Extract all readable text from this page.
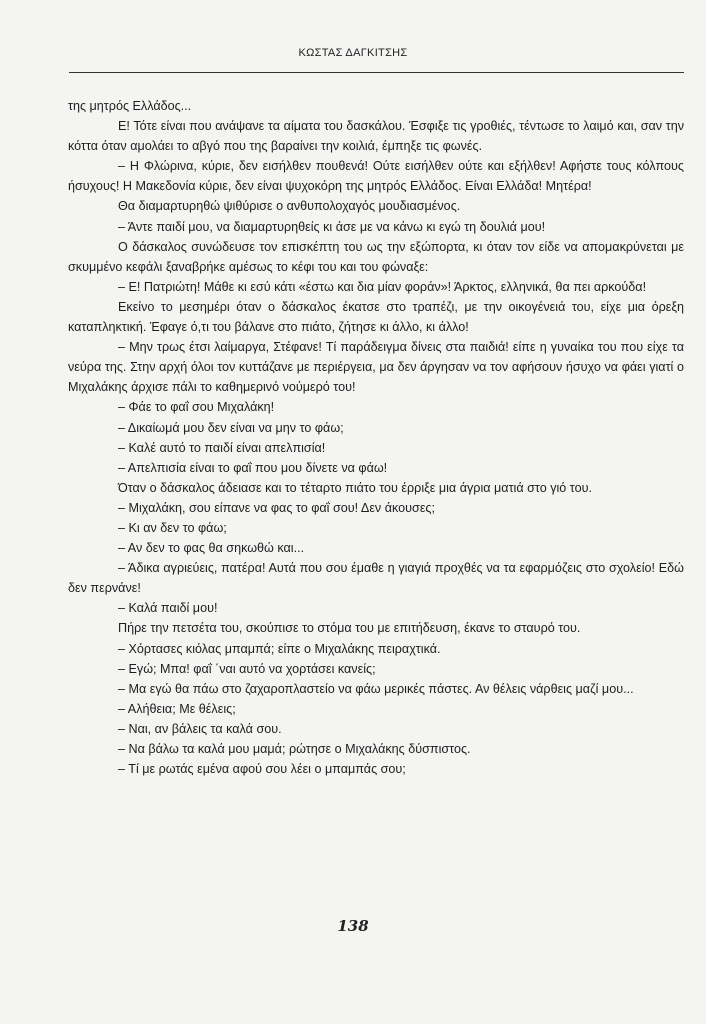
ΚΩΣΤΑΣ ΔΑΓΚΙΤΣΗΣ

της μητρός Ελλάδος...

Ε! Τότε είναι που ανάψανε τα αίματα του δασκάλου. Έσφιξε τις γροθιές, τέντωσε το λαιμό και, σαν την κόττα όταν αμολάει το αβγό που της βαραίνει την κοιλιά, έμπηξε τις φωνές.

– Η Φλώρινα, κύριε, δεν εισήλθεν πουθενά! Ούτε εισήλθεν ούτε και εξήλθεν! Αφήστε τους κόλπους ήσυχους! Η Μακεδονία κύριε, δεν είναι ψυχοκόρη της μητρός Ελλάδος. Είναι Ελλάδα! Μητέρα!

Θα διαμαρτυρηθώ ψιθύρισε ο ανθυπολοχαγός μουδιασμένος.

– Άντε παιδί μου, να διαμαρτυρηθείς κι άσε με να κάνω κι εγώ τη δουλιά μου!

Ο δάσκαλος συνώδευσε τον επισκέπτη του ως την εξώπορτα, κι όταν τον είδε να απομακρύνεται με σκυμμένο κεφάλι ξαναβρήκε αμέσως το κέφι του και του φώναξε:

– Ε! Πατριώτη! Μάθε κι εσύ κάτι «έστω και δια μίαν φοράν»! Άρκτος, ελληνικά, θα πει αρκούδα!

Εκείνο το μεσημέρι όταν ο δάσκαλος έκατσε στο τραπέζι, με την οικογένειά του, είχε μια όρεξη καταπληκτική. Έφαγε ό,τι του βάλανε στο πιάτο, ζήτησε κι άλλο, κι άλλο!

– Μην τρως έτσι λαίμαργα, Στέφανε! Τί παράδειγμα δίνεις στα παιδιά! είπε η γυναίκα του που είχε τα νεύρα της. Στην αρχή όλοι τον κυττάζανε με περιέργεια, μα δεν άργησαν να τον αφήσουν ήσυχο να φάει γιατί ο Μιχαλάκης άρχισε πάλι το καθημερινό νούμερό του!

– Φάε το φαΐ σου Μιχαλάκη!

– Δικαίωμά μου δεν είναι να μην το φάω;

– Καλέ αυτό το παιδί είναι απελπισία!

– Απελπισία είναι το φαΐ που μου δίνετε να φάω!

Όταν ο δάσκαλος άδειασε και το τέταρτο πιάτο του έρριξε μια άγρια ματιά στο γιό του.

– Μιχαλάκη, σου είπανε να φας το φαΐ σου! Δεν άκουσες;

– Κι αν δεν το φάω;

– Αν δεν το φας θα σηκωθώ και...

– Άδικα αγριεύεις, πατέρα! Αυτά που σου έμαθε η γιαγιά προχθές να τα εφαρμόζεις στο σχολείο! Εδώ δεν περνάνε!

– Καλά παιδί μου!

Πήρε την πετσέτα του, σκούπισε το στόμα του με επιτήδευση, έκανε το σταυρό του.

– Χόρτασες κιόλας μπαμπά; είπε ο Μιχαλάκης πειραχτικά.

– Εγώ; Μπα! φαΐ ΄ναι αυτό να χορτάσει κανείς;

– Μα εγώ θα πάω στο ζαχαροπλαστείο να φάω μερικές πάστες. Αν θέλεις νάρθεις μαζί μου...

– Αλήθεια; Με θέλεις;

– Ναι, αν βάλεις τα καλά σου.

– Να βάλω τα καλά μου μαμά; ρώτησε ο Μιχαλάκης δύσπιστος.

– Τί με ρωτάς εμένα αφού σου λέει ο μπαμπάς σου;

138
